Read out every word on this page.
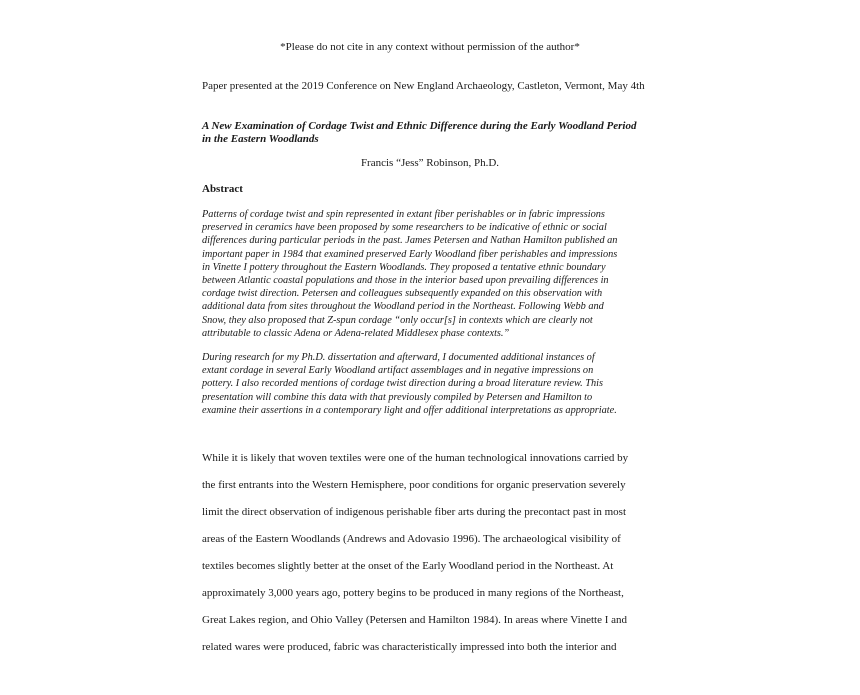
*Please do not cite in any context without permission of the author*
Paper presented at the 2019 Conference on New England Archaeology, Castleton, Vermont, May 4th
A New Examination of Cordage Twist and Ethnic Difference during the Early Woodland Period
in the Eastern Woodlands
Francis “Jess” Robinson, Ph.D.
Abstract

Patterns of cordage twist and spin represented in extant fiber perishables or in fabric impressions
preserved in ceramics have been proposed by some researchers to be indicative of ethnic or social
differences during particular periods in the past. James Petersen and Nathan Hamilton published an
important paper in 1984 that examined preserved Early Woodland fiber perishables and impressions
in Vinette I pottery throughout the Eastern Woodlands. They proposed a tentative ethnic boundary
between Atlantic coastal populations and those in the interior based upon prevailing differences in
cordage twist direction. Petersen and colleagues subsequently expanded on this observation with
additional data from sites throughout the Woodland period in the Northeast. Following Webb and
Snow, they also proposed that Z-spun cordage “only occur[s] in contexts which are clearly not
attributable to classic Adena or Adena-related Middlesex phase contexts.”

During research for my Ph.D. dissertation and afterward, I documented additional instances of
extant cordage in several Early Woodland artifact assemblages and in negative impressions on
pottery. I also recorded mentions of cordage twist direction during a broad literature review. This
presentation will combine this data with that previously compiled by Petersen and Hamilton to
examine their assertions in a contemporary light and offer additional interpretations as appropriate.

While it is likely that woven textiles were one of the human technological innovations carried by
the first entrants into the Western Hemisphere, poor conditions for organic preservation severely
limit the direct observation of indigenous perishable fiber arts during the precontact past in most
areas of the Eastern Woodlands (Andrews and Adovasio 1996). The archaeological visibility of
textiles becomes slightly better at the onset of the Early Woodland period in the Northeast. At
approximately 3,000 years ago, pottery begins to be produced in many regions of the Northeast,
Great Lakes region, and Ohio Valley (Petersen and Hamilton 1984). In areas where Vinette I and
related wares were produced, fabric was characteristically impressed into both the interior and
